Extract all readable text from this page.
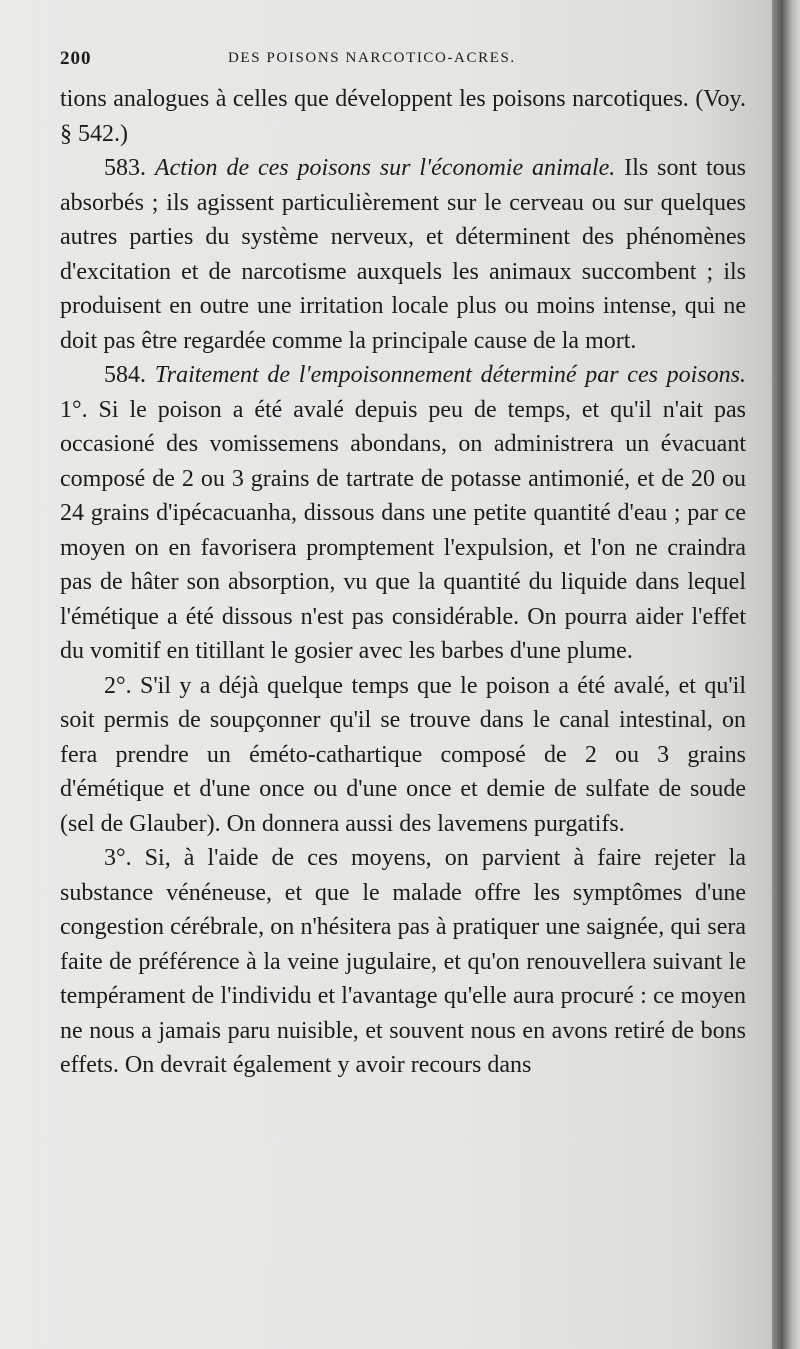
200	DES POISONS NARCOTICO-ACRES.

tions analogues à celles que développent les poisons narcotiques. (Voy. § 542.)

583. Action de ces poisons sur l'économie animale. Ils sont tous absorbés ; ils agissent particulièrement sur le cerveau ou sur quelques autres parties du système nerveux, et déterminent des phénomènes d'excitation et de narcotisme auxquels les animaux succombent ; ils produisent en outre une irritation locale plus ou moins intense, qui ne doit pas être regardée comme la principale cause de la mort.

584. Traitement de l'empoisonnement déterminé par ces poisons. 1°. Si le poison a été avalé depuis peu de temps, et qu'il n'ait pas occasioné des vomissemens abondans, on administrera un évacuant composé de 2 ou 3 grains de tartrate de potasse antimonié, et de 20 ou 24 grains d'ipécacuanha, dissous dans une petite quantité d'eau ; par ce moyen on en favorisera promptement l'expulsion, et l'on ne craindra pas de hâter son absorption, vu que la quantité du liquide dans lequel l'émétique a été dissous n'est pas considérable. On pourra aider l'effet du vomitif en titillant le gosier avec les barbes d'une plume.

2°. S'il y a déjà quelque temps que le poison a été avalé, et qu'il soit permis de soupçonner qu'il se trouve dans le canal intestinal, on fera prendre un éméto-cathartique composé de 2 ou 3 grains d'émétique et d'une once ou d'une once et demie de sulfate de soude (sel de Glauber). On donnera aussi des lavemens purgatifs.

3°. Si, à l'aide de ces moyens, on parvient à faire rejeter la substance vénéneuse, et que le malade offre les symptômes d'une congestion cérébrale, on n'hésitera pas à pratiquer une saignée, qui sera faite de préférence à la veine jugulaire, et qu'on renouvellera suivant le tempérament de l'individu et l'avantage qu'elle aura procuré : ce moyen ne nous a jamais paru nuisible, et souvent nous en avons retiré de bons effets. On devrait également y avoir recours dans
